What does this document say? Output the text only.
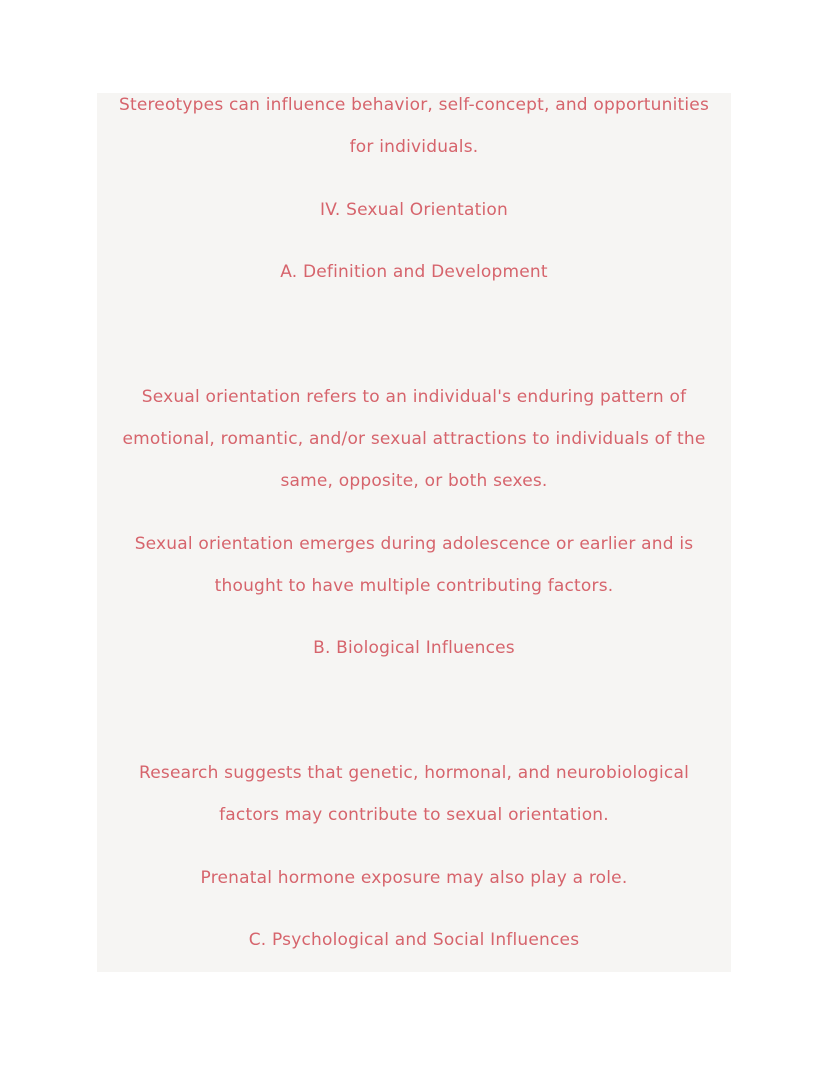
Stereotypes can influence behavior, self-concept, and opportunities
for individuals.
IV. Sexual Orientation
A. Definition and Development
Sexual orientation refers to an individual's enduring pattern of
emotional, romantic, and/or sexual attractions to individuals of the
same, opposite, or both sexes.
Sexual orientation emerges during adolescence or earlier and is
thought to have multiple contributing factors.
B. Biological Influences
Research suggests that genetic, hormonal, and neurobiological
factors may contribute to sexual orientation.
Prenatal hormone exposure may also play a role.
C. Psychological and Social Influences
